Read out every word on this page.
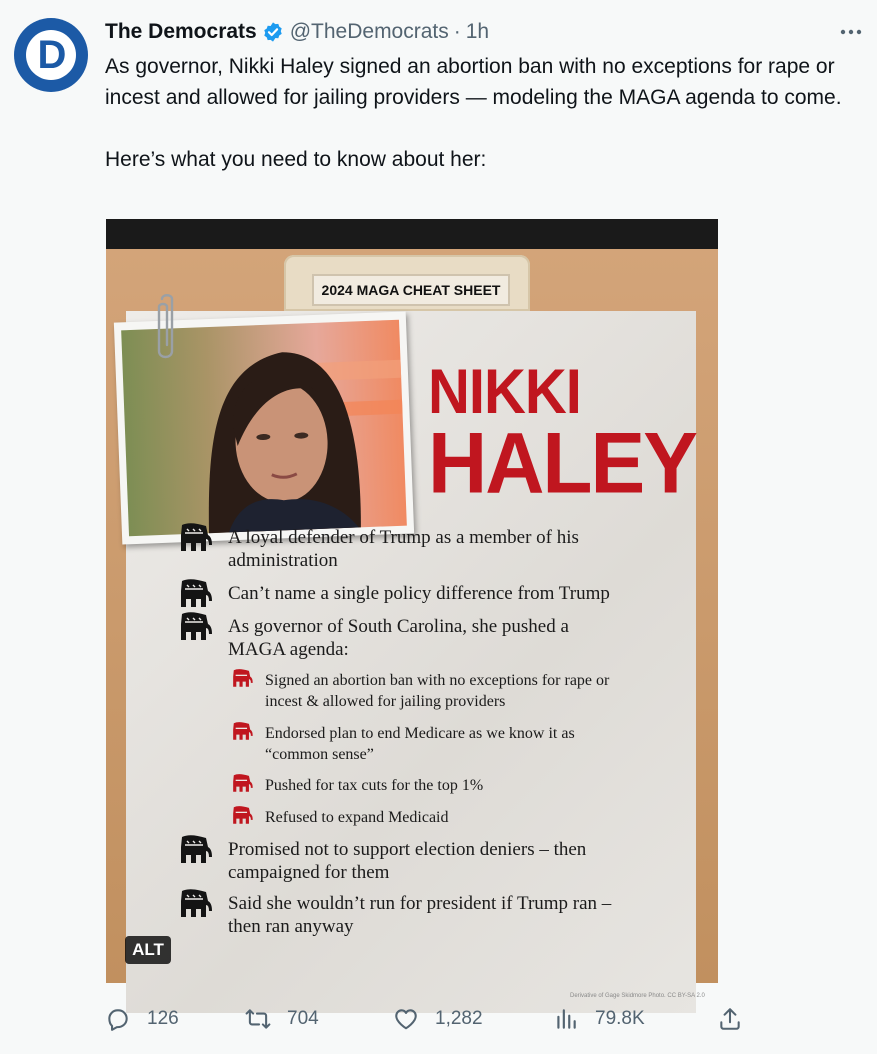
D
The Democrats @TheDemocrats · 1h
As governor, Nikki Haley signed an abortion ban with no exceptions for rape or incest and allowed for jailing providers — modeling the MAGA agenda to come.

Here’s what you need to know about her:
2024 MAGA CHEAT SHEET
NIKKI
HALEY
A loyal defender of Trump as a member of his administration
Can’t name a single policy difference from Trump
As governor of South Carolina, she pushed a MAGA agenda:
Signed an abortion ban with no exceptions for rape or incest & allowed for jailing providers
Endorsed plan to end Medicare as we know it as “common sense”
Pushed for tax cuts for the top 1%
Refused to expand Medicaid
Promised not to support election deniers – then campaigned for them
Said she wouldn’t run for president if Trump ran – then ran anyway
Derivative of Gage Skidmore Photo. CC BY-SA 2.0
ALT
126	704	1,282	79.8K
